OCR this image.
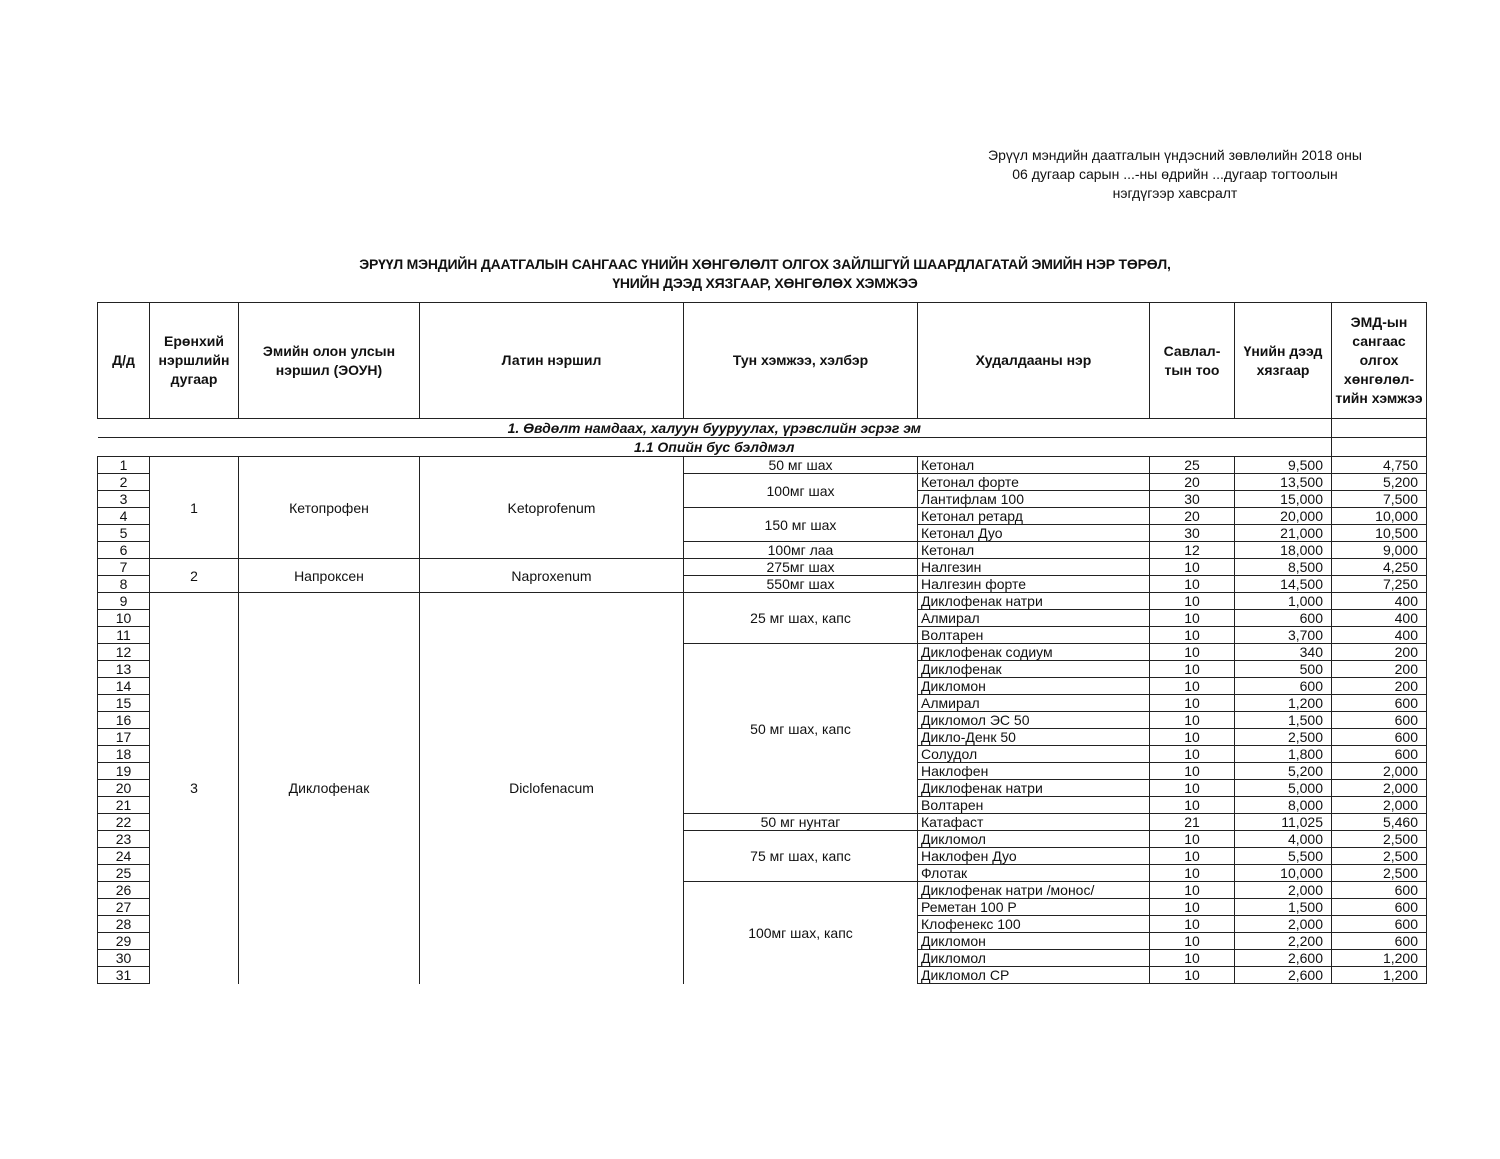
Эрүүл мэндийн даатгалын үндэсний зөвлөлийн 2018 оны
06 дугаар сарын ...-ны өдрийн ...дугаар тогтоолын
нэгдүгээр хавсралт
ЭРҮҮЛ МЭНДИЙН ДААТГАЛЫН САНГААС ҮНИЙН ХӨНГӨЛӨЛТ ОЛГОХ ЗАЙЛШГҮЙ ШААРДЛАГАТАЙ ЭМИЙН НЭР ТӨРӨЛ,
ҮНИЙН ДЭЭД ХЯЗГААР, ХӨНГӨЛӨХ ХЭМЖЭЭ
Д/д	Ерөнхий нэршлийн дугаар	Эмийн олон улсын нэршил (ЭОУН)	Латин нэршил	Тун хэмжээ, хэлбэр	Худалдааны нэр	Савлал-тын тоо	Үнийн дээд хязгаар	ЭМД-ын сангаас олгох хөнгөлөл-тийн хэмжээ
1. Өвдөлт намдаах, халуун бууруулах, үрэвслийн эсрэг эм								
1.1 Опийн бус бэлдмэл								
1	1	Кетопрофен	Ketoprofenum	50 мг шах	Кетонал	25	9,500	4,750
2				100мг шах	Кетонал форте	20	13,500	5,200
3					Лантифлам 100	30	15,000	7,500
4				150 мг шах	Кетонал ретард	20	20,000	10,000
5					Кетонал Дуо	30	21,000	10,500
6				100мг лаа	Кетонал	12	18,000	9,000
7	2	Напроксен	Naproxenum	275мг шах	Налгезин	10	8,500	4,250
8				550мг шах	Налгезин форте	10	14,500	7,250
9	3	Диклофенак	Diclofenacum	25 мг шах, капс	Диклофенак натри	10	1,000	400
10					Алмирал	10	600	400
11					Волтарен	10	3,700	400
12				50 мг шах, капс	Диклофенак содиум	10	340	200
13					Диклофенак	10	500	200
14					Дикломон	10	600	200
15					Алмирал	10	1,200	600
16					Дикломол ЭС 50	10	1,500	600
17					Дикло-Денк 50	10	2,500	600
18					Солудол	10	1,800	600
19					Наклофен	10	5,200	2,000
20					Диклофенак натри	10	5,000	2,000
21					Волтарен	10	8,000	2,000
22				50 мг нунтаг	Катафаст	21	11,025	5,460
23				75 мг шах, капс	Дикломол	10	4,000	2,500
24					Наклофен Дуо	10	5,500	2,500
25					Флотак	10	10,000	2,500
26				100мг шах, капс	Диклофенак натри /монос/	10	2,000	600
27					Реметан 100 Р	10	1,500	600
28					Клофенекс 100	10	2,000	600
29					Дикломон	10	2,200	600
30					Дикломол	10	2,600	1,200
31					Дикломол СР	10	2,600	1,200
